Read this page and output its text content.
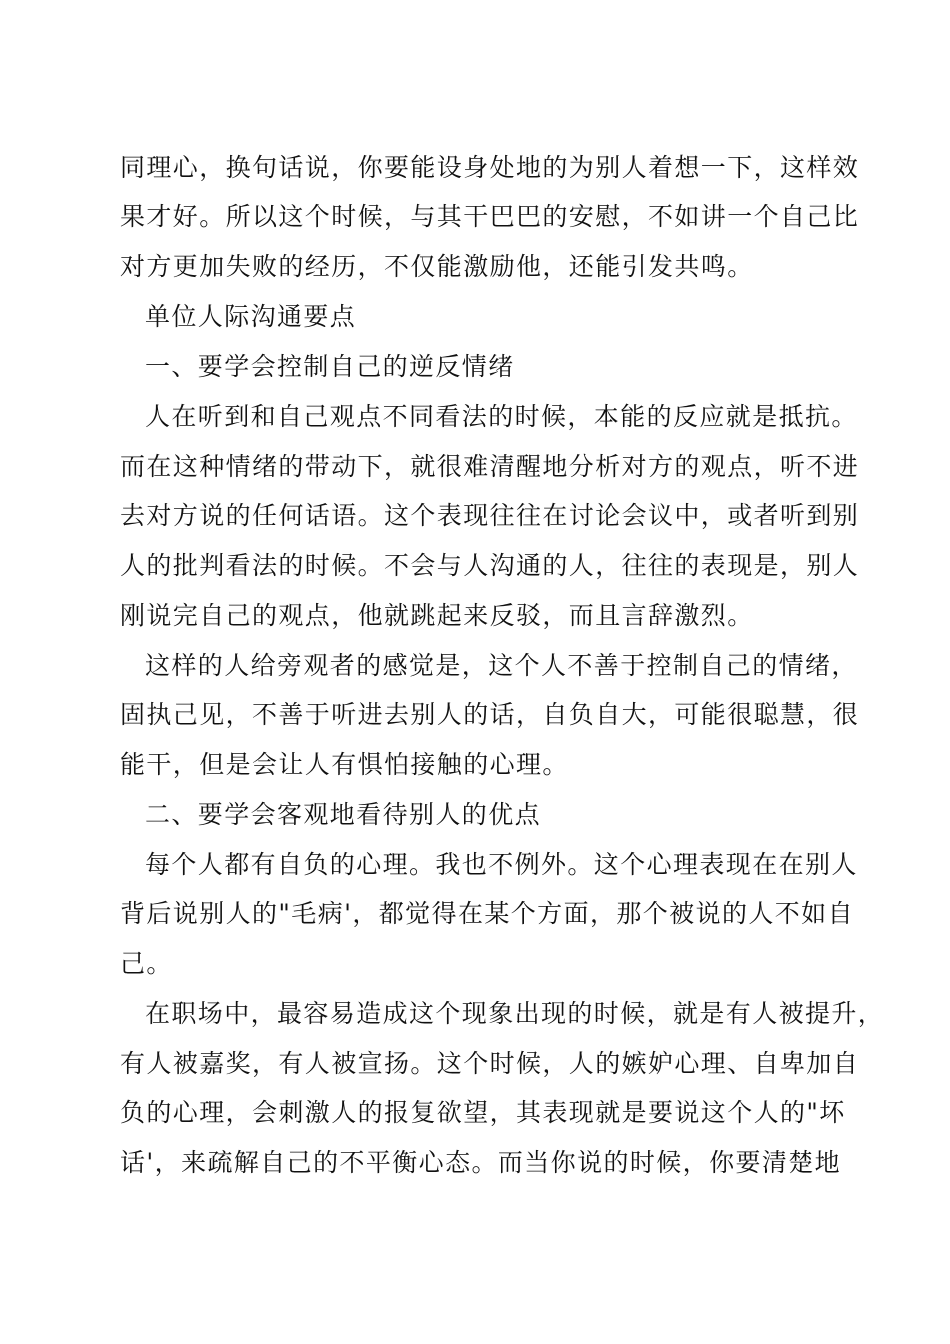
同理心，换句话说，你要能设身处地的为别人着想一下，这样效

果才好。所以这个时候，与其干巴巴的安慰，不如讲一个自己比

对方更加失败的经历，不仅能激励他，还能引发共鸣。

单位人际沟通要点

一、要学会控制自己的逆反情绪

人在听到和自己观点不同看法的时候，本能的反应就是抵抗。

而在这种情绪的带动下，就很难清醒地分析对方的观点，听不进

去对方说的任何话语。这个表现往往在讨论会议中，或者听到别

人的批判看法的时候。不会与人沟通的人，往往的表现是，别人

刚说完自己的观点，他就跳起来反驳，而且言辞激烈。

这样的人给旁观者的感觉是，这个人不善于控制自己的情绪，

固执己见，不善于听进去别人的话，自负自大，可能很聪慧，很

能干，但是会让人有惧怕接触的心理。

二、要学会客观地看待别人的优点

每个人都有自负的心理。我也不例外。这个心理表现在在别人

背后说别人的"毛病'，都觉得在某个方面，那个被说的人不如自

己。

在职场中，最容易造成这个现象出现的时候，就是有人被提升，

有人被嘉奖，有人被宣扬。这个时候，人的嫉妒心理、自卑加自

负的心理，会刺激人的报复欲望，其表现就是要说这个人的"坏

话'，来疏解自己的不平衡心态。而当你说的时候，你要清楚地
